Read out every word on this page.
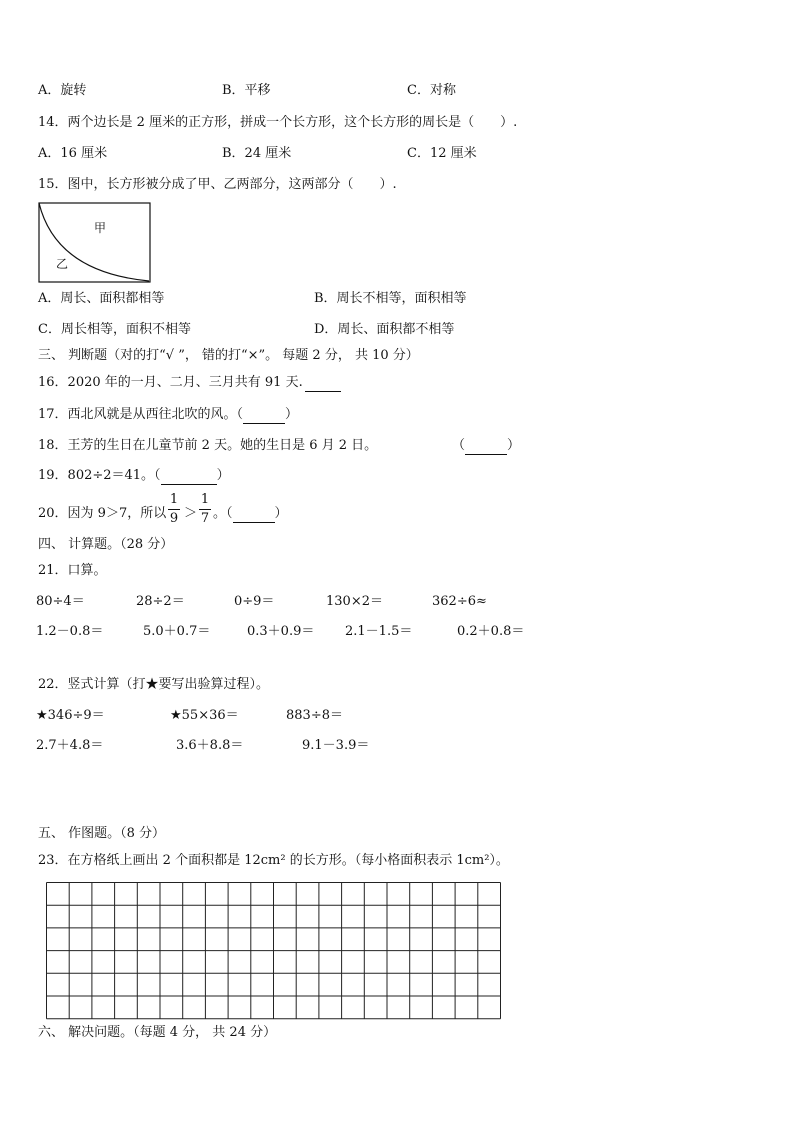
A．旋转	B．平移	C．对称
14．两个边长是 2 厘米的正方形，拼成一个长方形，这个长方形的周长是（　　）.
A．16 厘米	B．24 厘米	C．12 厘米
15．图中，长方形被分成了甲、乙两部分，这两部分（　　）.
甲
乙
A．周长、面积都相等	B．周长不相等，面积相等
C．周长相等，面积不相等	D．周长、面积都不相等
三、 判断题（对的打“√ ”， 错的打“×”。 每题 2 分， 共 10 分）
16．2020 年的一月、二月、三月共有 91 天.
17．西北风就是从西往北吹的风。（	）
18．王芳的生日在儿童节前 2 天。她的生日是 6 月 2 日。	（	）
19．802÷2＝41。（	）
20．因为 9＞7，所以
1
9 ＞
1
7 。（	）
四、 计算题。（28 分）
21．口算。
80÷4＝	28÷2＝	0÷9＝	130×2＝	362÷6≈
1.2－0.8＝	5.0＋0.7＝	0.3＋0.9＝ 2.1－1.5＝	0.2＋0.8＝
22．竖式计算（打★要写出验算过程）。
★346÷9＝	★55×36＝	883÷8＝
2.7＋4.8＝	3.6＋8.8＝	9.1－3.9＝
五、 作图题。（8 分）
23．在方格纸上画出 2 个面积都是 12cm² 的长方形。（每小格面积表示 1cm²）。
六、 解决问题。（每题 4 分， 共 24 分）
